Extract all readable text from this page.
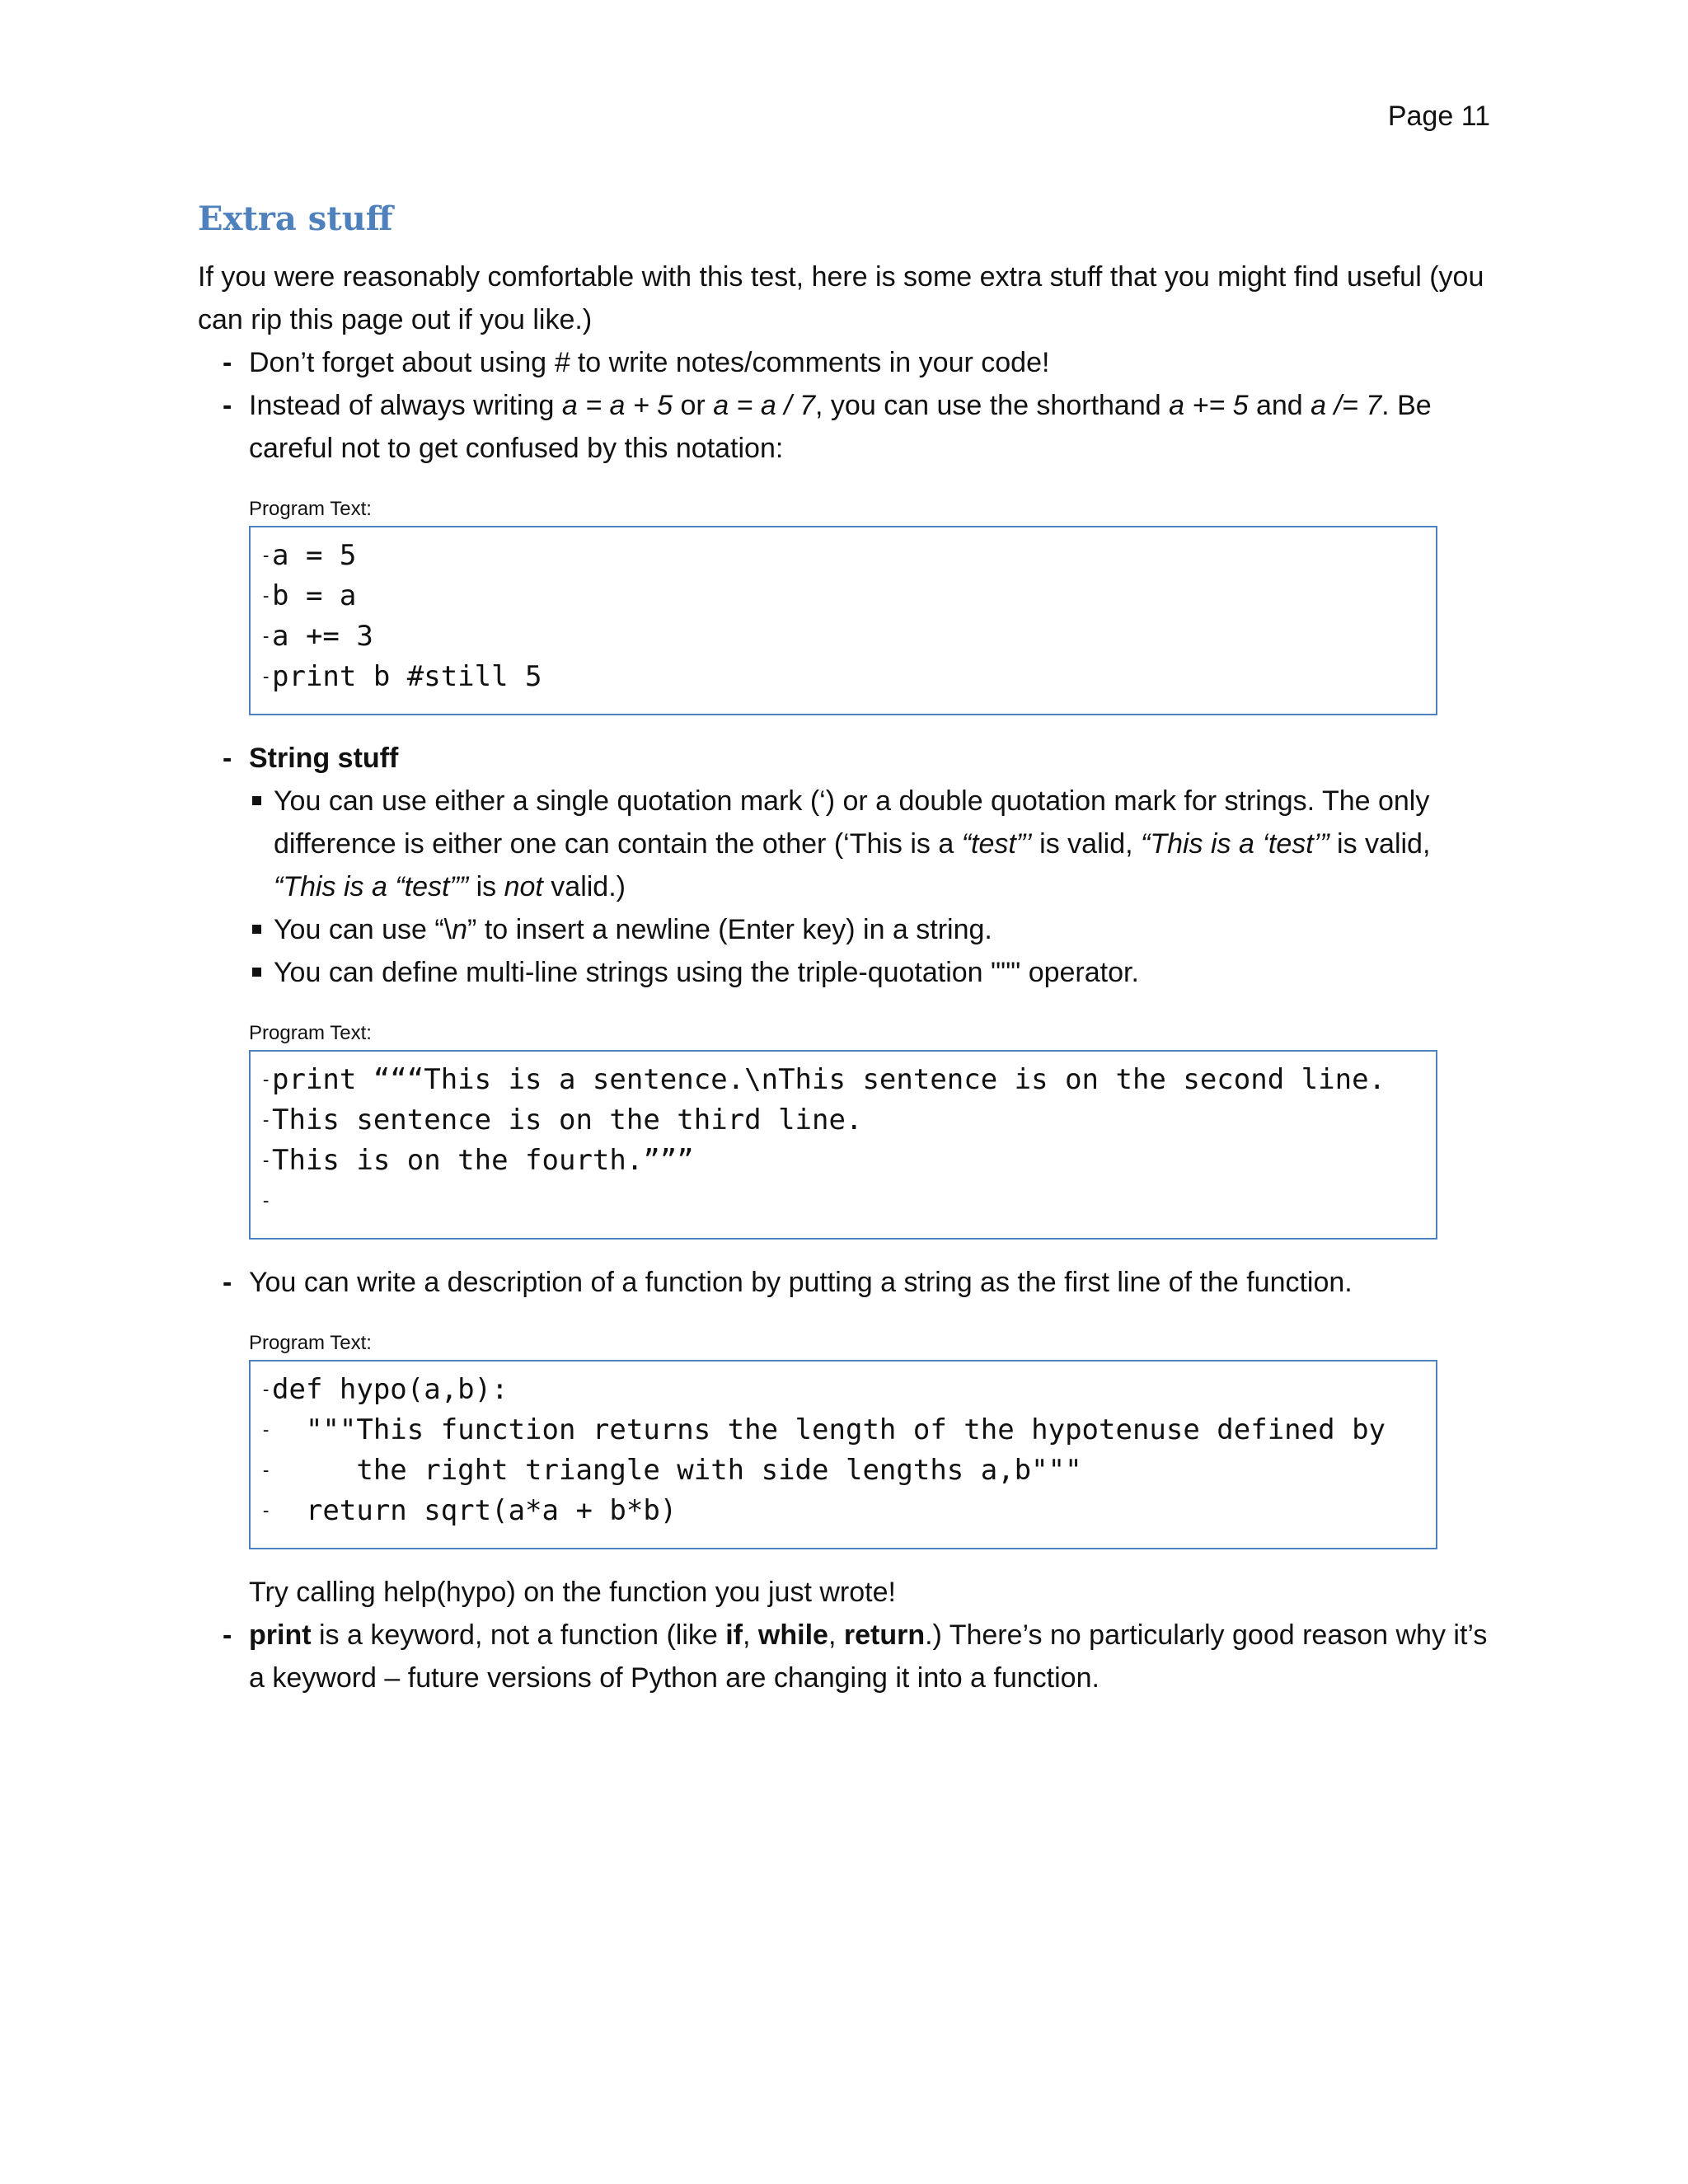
Page 11
Extra stuff

If you were reasonably comfortable with this test, here is some extra stuff that you might find useful (you can rip this page out if you like.)

- Don’t forget about using # to write notes/comments in your code!
- Instead of always writing a = a + 5 or a = a / 7, you can use the shorthand a += 5 and a /= 7. Be careful not to get confused by this notation:
Program Text:
- a = 5
- b = a
- a += 3
- print b #still 5
- String stuff
You can use either a single quotation mark (‘) or a double quotation mark for strings. The only difference is either one can contain the other (‘This is a “test”’ is valid, “This is a ‘test’” is valid, “This is a “test”” is not valid.)
You can use “\n” to insert a newline (Enter key) in a string.
You can define multi-line strings using the triple-quotation """ operator.
Program Text:
- print “““This is a sentence.\nThis sentence is on the second line.
- This sentence is on the third line.
- This is on the fourth.”””
-
- You can write a description of a function by putting a string as the first line of the function.
Program Text:
- def hypo(a,b):
-   """This function returns the length of the hypotenuse defined by
-      the right triangle with side lengths a,b"""
-   return sqrt(a*a + b*b)

Try calling help(hypo) on the function you just wrote!

- print is a keyword, not a function (like if, while, return.) There’s no particularly good reason why it’s a keyword – future versions of Python are changing it into a function.
